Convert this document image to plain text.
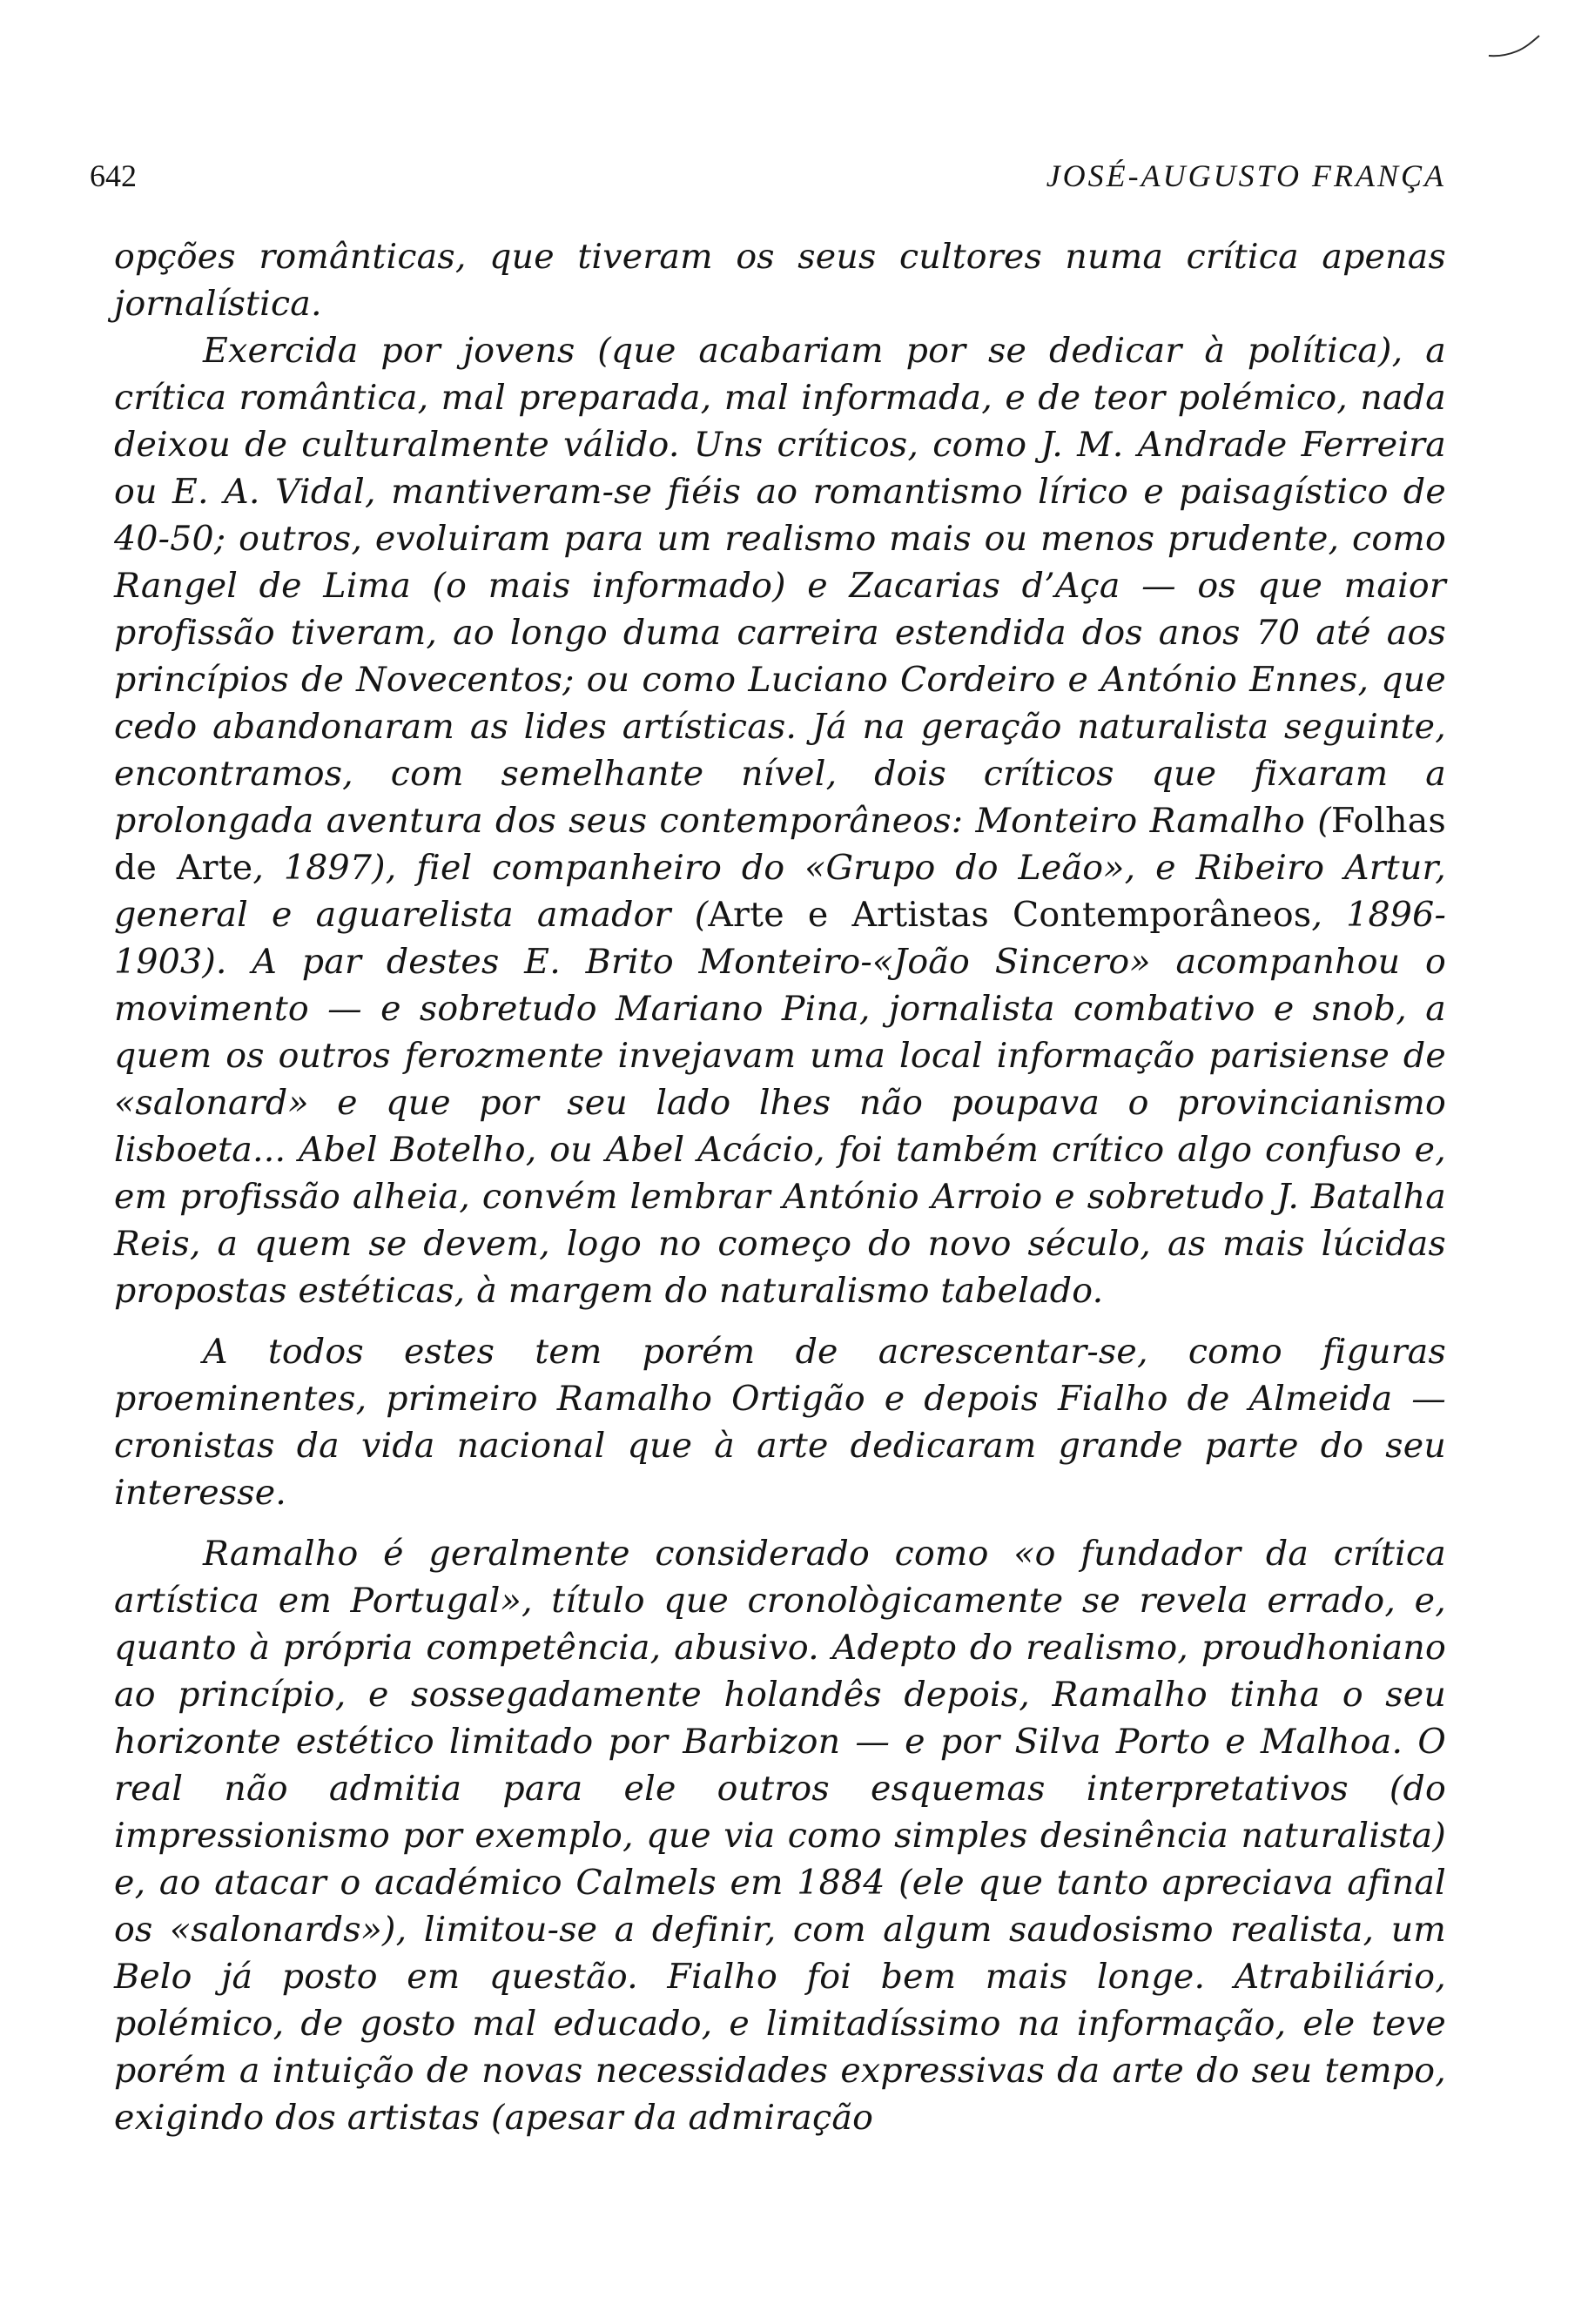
642	JOSÉ-AUGUSTO FRANÇA

opções românticas, que tiveram os seus cultores numa crítica apenas jornalística.

Exercida por jovens (que acabariam por se dedicar à política), a crítica romântica, mal preparada, mal informada, e de teor polémico, nada deixou de culturalmente válido. Uns críticos, como J. M. Andrade Ferreira ou E. A. Vidal, mantiveram-se fiéis ao romantismo lírico e paisagístico de 40-50; outros, evoluiram para um realismo mais ou menos prudente, como Rangel de Lima (o mais informado) e Zacarias d’Aça — os que maior profissão tiveram, ao longo duma carreira estendida dos anos 70 até aos princípios de Novecentos; ou como Luciano Cordeiro e António Ennes, que cedo abandonaram as lides artísticas. Já na geração naturalista seguinte, encontramos, com semelhante nível, dois críticos que fixaram a prolongada aventura dos seus contemporâneos: Monteiro Ramalho (Folhas de Arte, 1897), fiel companheiro do «Grupo do Leão», e Ribeiro Artur, general e aguarelista amador (Arte e Artistas Contemporâneos, 1896-1903). A par destes E. Brito Monteiro-«João Sincero» acompanhou o movimento — e sobretudo Mariano Pina, jornalista combativo e snob, a quem os outros ferozmente invejavam uma local informação parisiense de «salonard» e que por seu lado lhes não poupava o provincianismo lisboeta... Abel Botelho, ou Abel Acácio, foi também crítico algo confuso e, em profissão alheia, convém lembrar António Arroio e sobretudo J. Batalha Reis, a quem se devem, logo no começo do novo século, as mais lúcidas propostas estéticas, à margem do naturalismo tabelado.

A todos estes tem porém de acrescentar-se, como figuras proeminentes, primeiro Ramalho Ortigão e depois Fialho de Almeida — cronistas da vida nacional que à arte dedicaram grande parte do seu interesse.

Ramalho é geralmente considerado como «o fundador da crítica artística em Portugal», título que cronològicamente se revela errado, e, quanto à própria competência, abusivo. Adepto do realismo, proudhoniano ao princípio, e sossegadamente holandês depois, Ramalho tinha o seu horizonte estético limitado por Barbizon — e por Silva Porto e Malhoa. O real não admitia para ele outros esquemas interpretativos (do impressionismo por exemplo, que via como simples desinência naturalista) e, ao atacar o académico Calmels em 1884 (ele que tanto apreciava afinal os «salonards»), limitou-se a definir, com algum saudosismo realista, um Belo já posto em questão. Fialho foi bem mais longe. Atrabiliário, polémico, de gosto mal educado, e limitadíssimo na informação, ele teve porém a intuição de novas necessidades expressivas da arte do seu tempo, exigindo dos artistas (apesar da admiração
